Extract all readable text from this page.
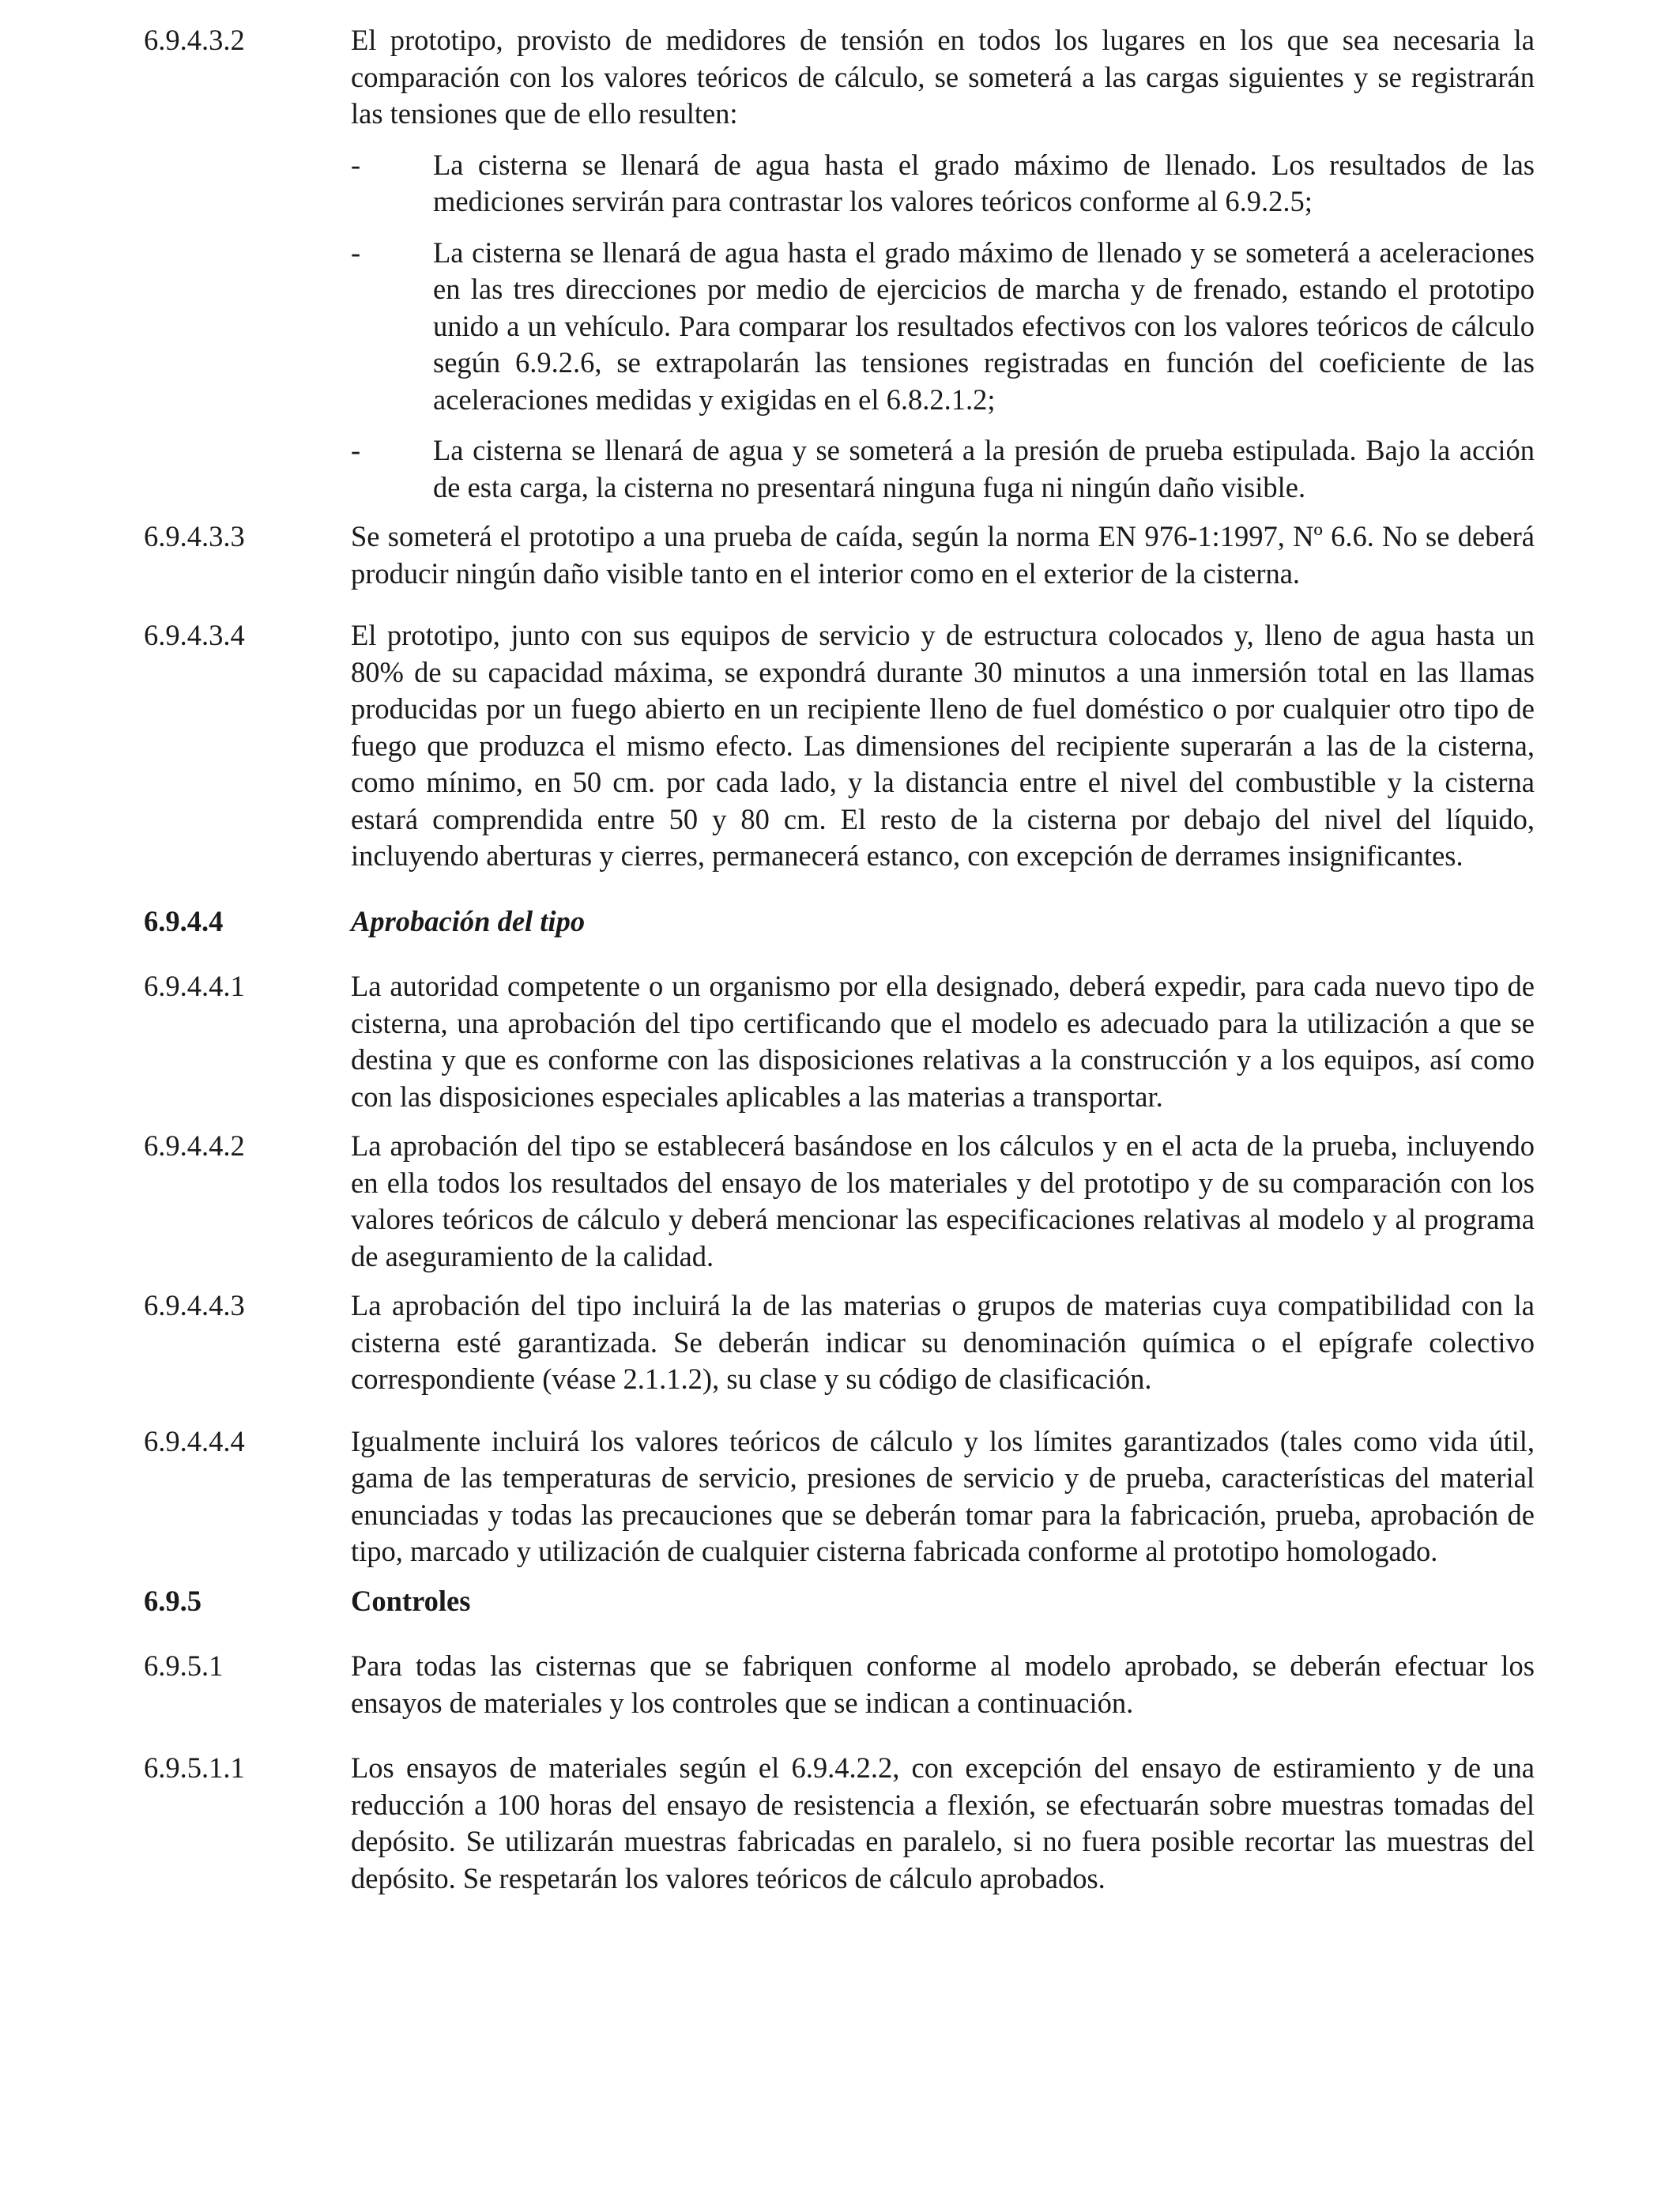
6.9.4.3.2	El prototipo, provisto de medidores de tensión en todos los lugares en los que sea necesaria la comparación con los valores teóricos de cálculo, se someterá a las cargas siguientes y se registrarán las tensiones que de ello resulten:

-	La cisterna se llenará de agua hasta el grado máximo de llenado. Los resultados de las mediciones servirán para contrastar los valores teóricos conforme al 6.9.2.5;

-	La cisterna se llenará de agua hasta el grado máximo de llenado y se someterá a aceleraciones en las tres direcciones por medio de ejercicios de marcha y de frenado, estando el prototipo unido a un vehículo. Para comparar los resultados efectivos con los valores teóricos de cálculo según 6.9.2.6, se extrapolarán las tensiones registradas en función del coeficiente de las aceleraciones medidas y exigidas en el 6.8.2.1.2;

-	La cisterna se llenará de agua y se someterá a la presión de prueba estipulada. Bajo la acción de esta carga, la cisterna no presentará ninguna fuga ni ningún daño visible.

6.9.4.3.3	Se someterá el prototipo a una prueba de caída, según la norma EN 976-1:1997, Nº 6.6. No se deberá producir ningún daño visible tanto en el interior como en el exterior de la cisterna.

6.9.4.3.4	El prototipo, junto con sus equipos de servicio y de estructura colocados y, lleno de agua hasta un 80% de su capacidad máxima, se expondrá durante 30 minutos a una inmersión total en las llamas producidas por un fuego abierto en un recipiente lleno de fuel doméstico o por cualquier otro tipo de fuego que produzca el mismo efecto. Las dimensiones del recipiente superarán a las de la cisterna, como mínimo, en 50 cm. por cada lado, y la distancia entre el nivel del combustible y la cisterna estará comprendida entre 50 y 80 cm. El resto de la cisterna por debajo del nivel del líquido, incluyendo aberturas y cierres, permanecerá estanco, con excepción de derrames insignificantes.

6.9.4.4	Aprobación del tipo
6.9.4.4.1	La autoridad competente o un organismo por ella designado, deberá expedir, para cada nuevo tipo de cisterna, una aprobación del tipo certificando que el modelo es adecuado para la utilización a que se destina y que es conforme con las disposiciones relativas a la construcción y a los equipos, así como con las disposiciones especiales aplicables a las materias a transportar.

6.9.4.4.2	La aprobación del tipo se establecerá basándose en los cálculos y en el acta de la prueba, incluyendo en ella todos los resultados del ensayo de los materiales y del prototipo y de su comparación con los valores teóricos de cálculo y deberá mencionar las especificaciones relativas al modelo y al programa de aseguramiento de la calidad.

6.9.4.4.3	La aprobación del tipo incluirá la de las materias o grupos de materias cuya compatibilidad con la cisterna esté garantizada. Se deberán indicar su denominación química o el epígrafe colectivo correspondiente (véase 2.1.1.2), su clase y su código de clasificación.

6.9.4.4.4	Igualmente incluirá los valores teóricos de cálculo y los límites garantizados (tales como vida útil, gama de las temperaturas de servicio, presiones de servicio y de prueba, características del material enunciadas y todas las precauciones que se deberán tomar para la fabricación, prueba, aprobación de tipo, marcado y utilización de cualquier cisterna fabricada conforme al prototipo homologado.

6.9.5	Controles
6.9.5.1	Para todas las cisternas que se fabriquen conforme al modelo aprobado, se deberán efectuar los ensayos de materiales y los controles que se indican a continuación.

6.9.5.1.1	Los ensayos de materiales según el 6.9.4.2.2, con excepción del ensayo de estiramiento y de una reducción a 100 horas del ensayo de resistencia a flexión, se efectuarán sobre muestras tomadas del depósito. Se utilizarán muestras fabricadas en paralelo, si no fuera posible recortar las muestras del depósito. Se respetarán los valores teóricos de cálculo aprobados.
